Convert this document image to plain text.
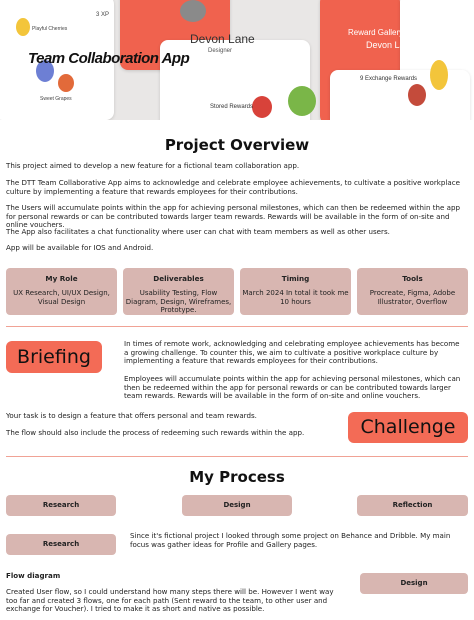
3 XP
Playful Cherries
Sweet Grapes
Devon Lane
Designer
Stored Rewards
Reward Gallery
Devon Lane
10 XP
9 Exchange Rewards
Team Collaboration App
Project Overview

This project aimed to develop a new feature for a fictional team collaboration app.

The DTT Team Collaborative App aims to acknowledge and celebrate employee achievements, to cultivate a positive workplace culture by implementing a feature that rewards employees for their contributions.

The Users will accumulate points within the app for achieving personal milestones, which can then be redeemed within the app for personal rewards or can be contributed towards larger team rewards. Rewards will be available in the form of on-site and online vouchers.

The App also facilitates a chat functionality where user can chat with team members as well as other users.

App will be available for IOS and Android.

My Role
UX Research, UI/UX Design, Visual Design
Deliverables
Usability Testing, Flow Diagram, Design, Wireframes, Prototype.
Timing
March 2024 In total it took me 10 hours
Tools
Procreate, Figma, Adobe Illustrator, Overflow
Briefing

In times of remote work, acknowledging and celebrating employee achievements has become a growing challenge. To counter this, we aim to cultivate a positive workplace culture by implementing a feature that rewards employees for their contributions.

Employees will accumulate points within the app for achieving personal milestones, which can then be redeemed within the app for personal rewards or can be contributed towards larger team rewards. Rewards will be available in the form of on-site and online vouchers.

Your task is to design a feature that offers personal and team rewards.

The flow should also include the process of redeeming such rewards within the app.	Challenge
My Process
Research	Design	Reflection
Research

Since it's fictional project I looked through some project on Behance and Dribble. My main focus was gather ideas for Profile and Gallery pages.

Flow diagram
Design

Created User flow, so I could understand how many steps there will be. However I went way too far and created 3 flows, one for each path (Sent reward to the team, to other user and exchange for Voucher). I tried to make it as short and native as possible.
